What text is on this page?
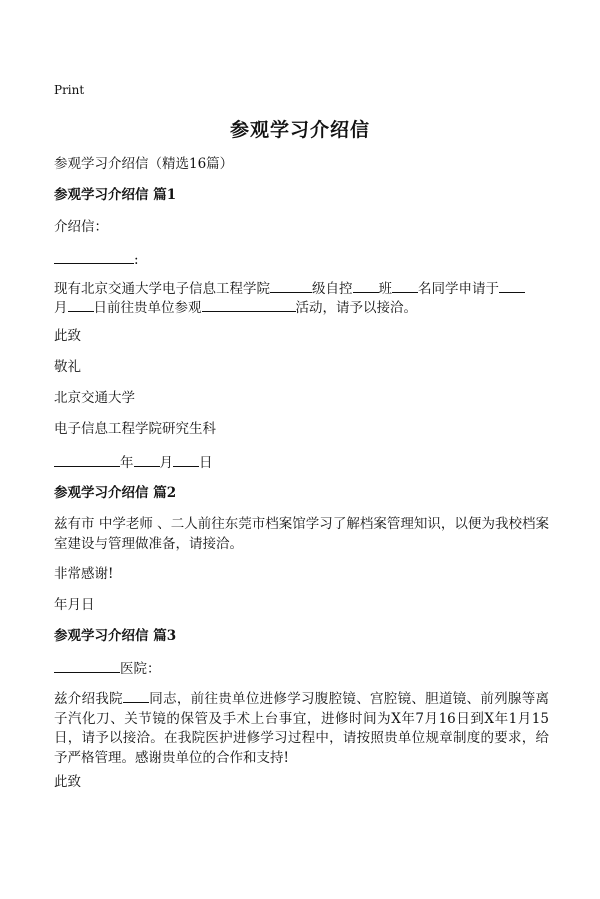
Print
参观学习介绍信
参观学习介绍信（精选16篇）
参观学习介绍信 篇1
介绍信：
:
现有北京交通大学电子信息工程学院	级自控 班 名同学申请于
月 日前往贵单位参观	活动，请予以接洽。
此致
敬礼
北京交通大学
电子信息工程学院研究生科
年 月 日
参观学习介绍信 篇2
兹有市 中学老师 、二人前往东莞市档案馆学习了解档案管理知识，以便为我校档案室建设与管理做准备，请接洽。
非常感谢!
年月日
参观学习介绍信 篇3
医院：
兹介绍我院 同志，前往贵单位进修学习腹腔镜、宫腔镜、胆道镜、前列腺等离子汽化刀、关节镜的保管及手术上台事宜，进修时间为X年7月16日到X年1月15日，请予以接洽。在我院医护进修学习过程中，请按照贵单位规章制度的要求，给予严格管理。感谢贵单位的合作和支持!
此致
